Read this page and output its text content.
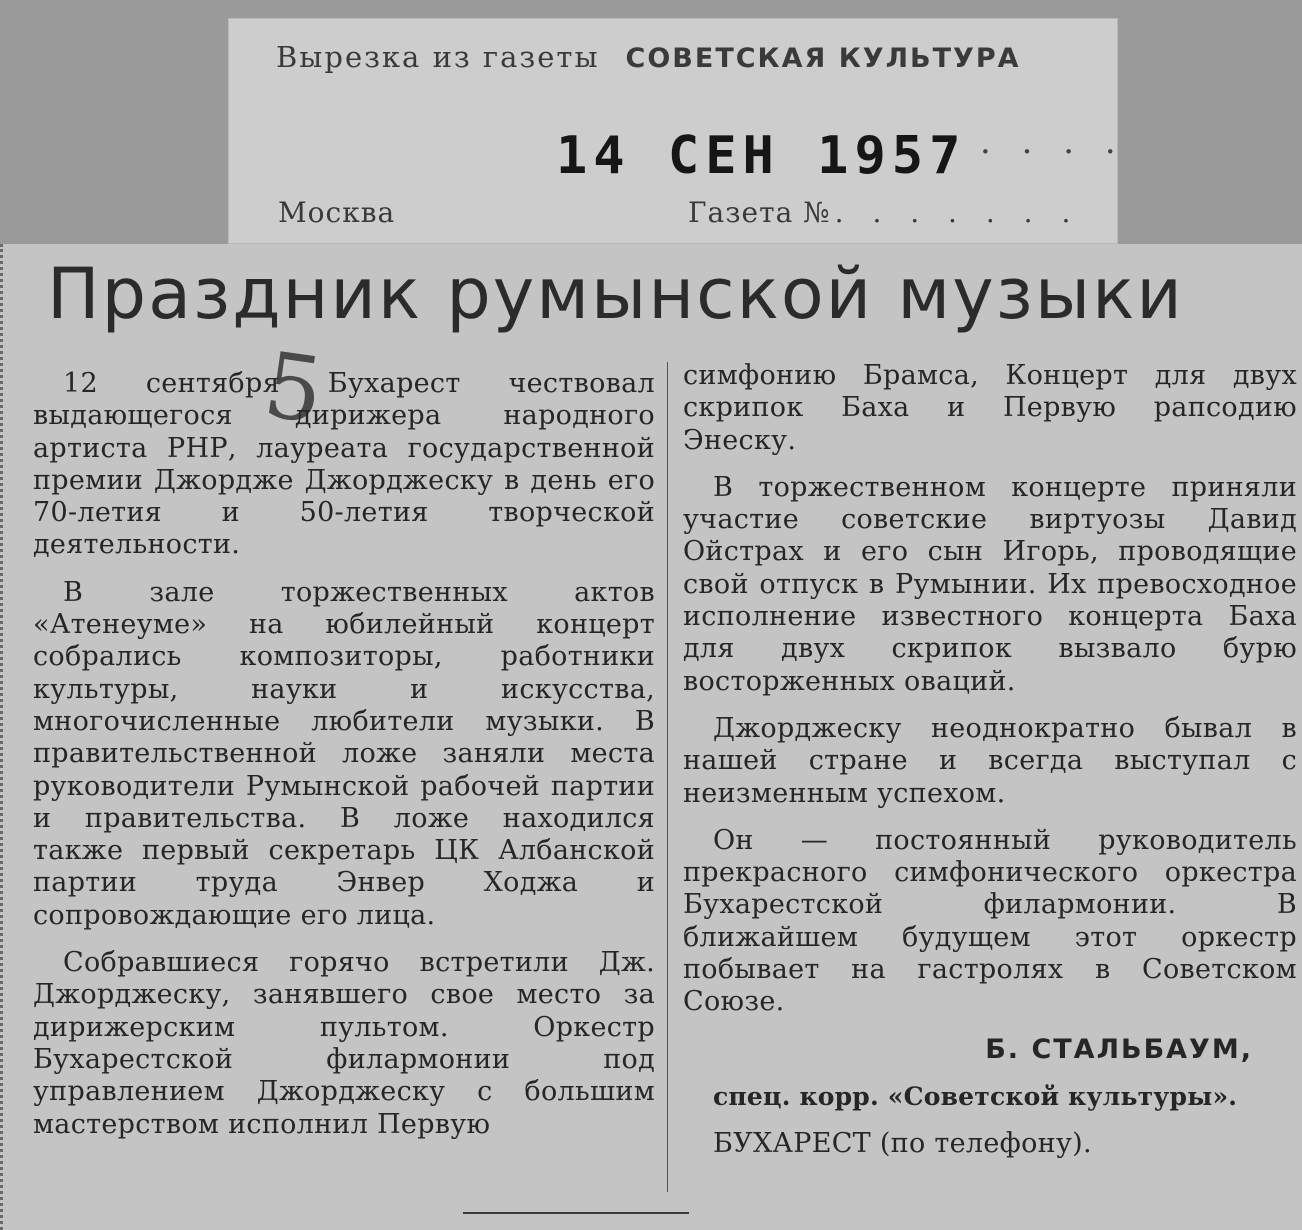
Вырезка из газеты СОВЕТСКАЯ КУЛЬТУРА
14 СЕН 1957 · · · ·
Москва	Газета № . . . . . . .
Праздник румынской музыки
5

12 сентября Бухарест чествовал выдающегося дирижера народного артиста РНР, лауреата государственной премии Джордже Джорджеску в день его 70-летия и 50-летия творческой деятельности.

В зале торжественных актов «Атенеуме» на юбилейный концерт собрались композиторы, работники культуры, науки и искусства, многочисленные любители музыки. В правительственной ложе заняли места руководители Румынской рабочей партии и правительства. В ложе находился также первый секретарь ЦК Албанской партии труда Энвер Ходжа и сопровождающие его лица.

Собравшиеся горячо встретили Дж. Джорджеску, занявшего свое место за дирижерским пультом. Оркестр Бухарестской филармонии под управлением Джорджеску с большим мастерством исполнил Первую

симфонию Брамса, Концерт для двух скрипок Баха и Первую рапсодию Энеску.

В торжественном концерте приняли участие советские виртуозы Давид Ойстрах и его сын Игорь, проводящие свой отпуск в Румынии. Их превосходное исполнение известного концерта Баха для двух скрипок вызвало бурю восторженных оваций.

Джорджеску неоднократно бывал в нашей стране и всегда выступал с неизменным успехом.

Он — постоянный руководитель прекрасного симфонического оркестра Бухарестской филармонии. В ближайшем будущем этот оркестр побывает на гастролях в Советском Союзе.

Б. СТАЛЬБАУМ,

спец. корр. «Советской культуры».

БУХАРЕСТ (по телефону).
